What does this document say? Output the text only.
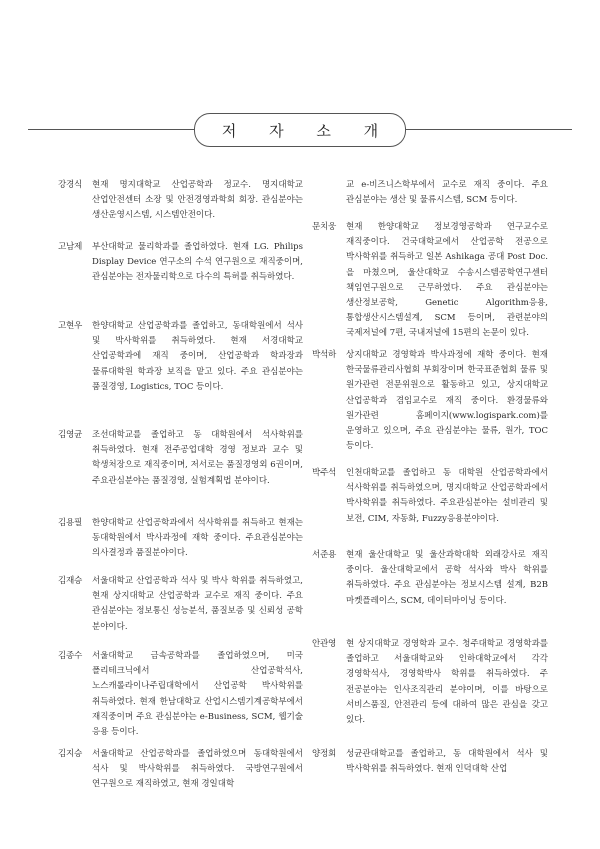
저 자 소 개
강경식	현재 명지대학교 산업공학과 정교수. 명지대학교 산업안전센터 소장 및 안전경영과학회 회장. 관심분야는 생산운영시스템, 시스템안전이다.

고남제	부산대학교 물리학과를 졸업하였다. 현재 LG. Philips Display Device 연구소의 수석 연구원으로 재직중이며, 관심분야는 전자물리학으로 다수의 특허를 취득하였다.

고현우	한양대학교 산업공학과를 졸업하고, 동대학원에서 석사 및 박사학위를 취득하였다. 현재 서경대학교 산업공학과에 재직 중이며, 산업공학과 학과장과 물류대학원 학과장 보직을 맡고 있다. 주요 관심분야는 품질경영, Logistics, TOC 등이다.

김영균	조선대학교를 졸업하고 동 대학원에서 석사학위를 취득하였다. 현재 전주공업대학 경영 정보과 교수 및 학생처장으로 재직중이며, 저서로는 품질경영외 6권이며, 주요관심분야는 품질경영, 실험계획법 분야이다.

김용필	한양대학교 산업공학과에서 석사학위를 취득하고 현재는 동대학원에서 박사과정에 재학 중이다. 주요관심분야는 의사결정과 품질분야이다.

김재승	서울대학교 산업공학과 석사 및 박사 학위를 취득하였고, 현재 상지대학교 산업공학과 교수로 재직 중이다. 주요 관심분야는 정보통신 성능분석, 품질보증 및 신뢰성 공학 분야이다.

김종수	서울대학교 금속공학과를 졸업하였으며, 미국 폴리테크닉에서 산업공학석사, 노스캐롤라이나주립대학에서 산업공학 박사학위를 취득하였다. 현재 한남대학교 산업시스템기계공학부에서 재직중이며 주요 관심분야는 e-Business, SCM, 웹기술 응용 등이다.

김지승	서울대학교 산업공학과를 졸업하였으며 동대학원에서 석사 및 박사학위를 취득하였다. 국방연구원에서 연구원으로 재직하였고, 현재 경일대학

교 e-비즈니스학부에서 교수로 재직 중이다. 주요 관심분야는 생산 및 물류시스템, SCM 등이다.

문치웅	현재 한양대학교 정보경영공학과 연구교수로 재직중이다. 건국대학교에서 산업공학 전공으로 박사학위를 취득하고 일본 Ashikaga 공대 Post Doc.을 마쳤으며, 울산대학교 수송시스템공학연구센터 책임연구원으로 근무하였다. 주요 관심분야는 생산정보공학, Genetic Algorithm응용, 통합생산시스템설계, SCM 등이며, 관련분야의 국제저널에 7편, 국내저널에 15편의 논문이 있다.

박석하	상지대학교 경영학과 박사과정에 재학 중이다. 현재 한국물류관리사협회 부회장이며 한국표준협회 물류 및 원가관련 전문위원으로 활동하고 있고, 상지대학교 산업공학과 겸임교수로 재직 중이다. 환경물류와 원가관련 홈페이지(www.logispark.com)를 운영하고 있으며, 주요 관심분야는 물류, 원가, TOC 등이다.

박주석	인천대학교를 졸업하고 동 대학원 산업공학과에서 석사학위를 취득하였으며, 명지대학교 산업공학과에서 박사학위를 취득하였다. 주요관심분야는 설비관리 및 보전, CIM, 자동화, Fuzzy응용분야이다.

서준용	현재 울산대학교 및 울산과학대학 외래강사로 재직 중이다. 울산대학교에서 공학 석사와 박사 학위를 취득하였다. 주요 관심분야는 정보시스템 설계, B2B 마켓플레이스, SCM, 데이터마이닝 등이다.

안관영	현 상지대학교 경영학과 교수. 청주대학교 경영학과를 졸업하고 서울대학교와 인하대학교에서 각각 경영학석사, 경영학박사 학위를 취득하였다. 주 전공분야는 인사조직관리 분야이며, 이를 바탕으로 서비스품질, 안전관리 등에 대하여 많은 관심을 갖고 있다.

양정회	성균관대학교를 졸업하고, 동 대학원에서 석사 및 박사학위를 취득하였다. 현재 인덕대학 산업
